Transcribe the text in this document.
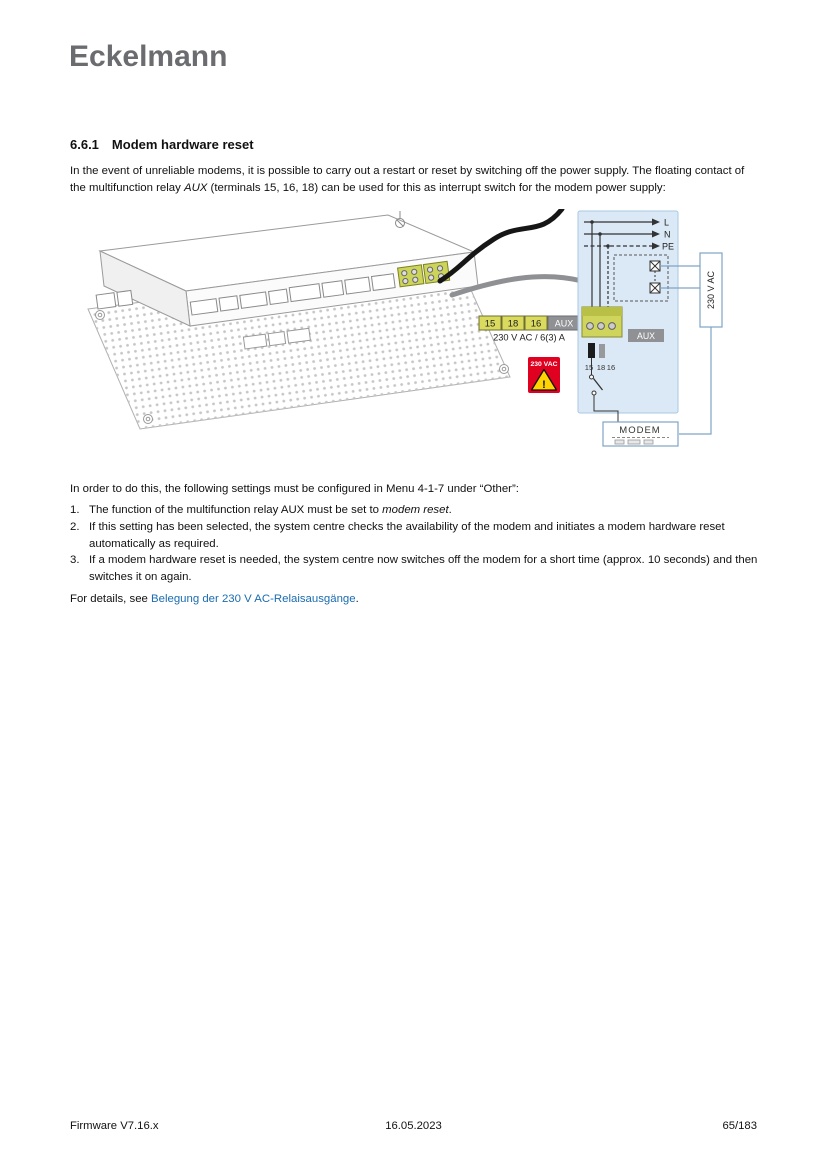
Eckelmann
6.6.1 Modem hardware reset

In the event of unreliable modems, it is possible to carry out a restart or reset by switching off the power supply. The floating contact of the multifunction relay AUX (terminals 15, 16, 18) can be used for this as interrupt switch for the modem power supply:

15 18 16 AUX
230 V AC / 6(3) A
230 VAC
!
L
N
PE
AUX
15 18 16
230 V AC
MODEM

In order to do this, the following settings must be configured in Menu 4-1-7 under “Other”:

1. The function of the multifunction relay AUX must be set to modem reset.
2. If this setting has been selected, the system centre checks the availability of the modem and initiates a modem hardware reset automatically as required.
3. If a modem hardware reset is needed, the system centre now switches off the modem for a short time (approx. 10 seconds) and then switches it on again.

For details, see Belegung der 230 V AC-Relaisausgänge.

Firmware V7.16.x	16.05.2023	65/183
